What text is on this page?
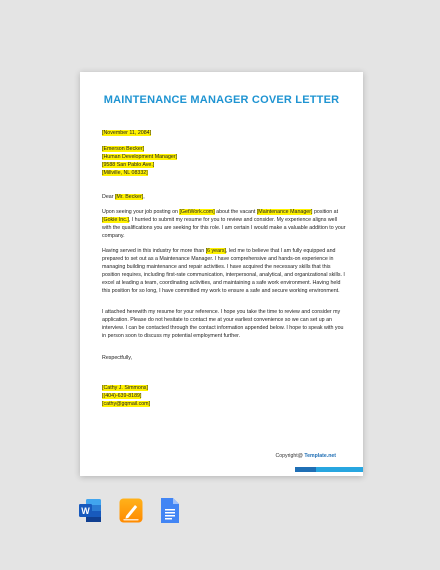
MAINTENANCE MANAGER COVER LETTER
[November 11, 2084]
[Emerson Becker]
[Human Development Manager]
[9588 San Pablo Ave.]
[Millville, NL 08332]
Dear [Mr. Becker],

Upon seeing your job posting on [GetWork.com] about the vacant [Maintenance Manager] position at [Gokie Inc.], I hurried to submit my resume for you to review and consider. My experience aligns well with the qualifications you are seeking for this role. I am certain I would make a valuable addition to your company.

Having served in this industry for more than [6 years], led me to believe that I am fully equipped and prepared to set out as a Maintenance Manager. I have comprehensive and hands-on experience in managing building maintenance and repair activities. I have acquired the necessary skills that this position requires, including first-rate communication, interpersonal, analytical, and organizational skills. I excel at leading a team, coordinating activities, and maintaining a safe work environment. Having held this position for so long, I have committed my work to ensure a safe and secure working environment.

I attached herewith my resume for your reference. I hope you take the time to review and consider my application. Please do not hesitate to contact me at your earliest convenience so we can set up an interview. I can be contacted through the contact information appended below. I hope to speak with you in person soon to discuss my potential employment further.

Respectfully,
[Cathy J. Simmons]
[(404)-639-8189]
[cathy@gqmail.com]
Copyright@ Template.net
W
